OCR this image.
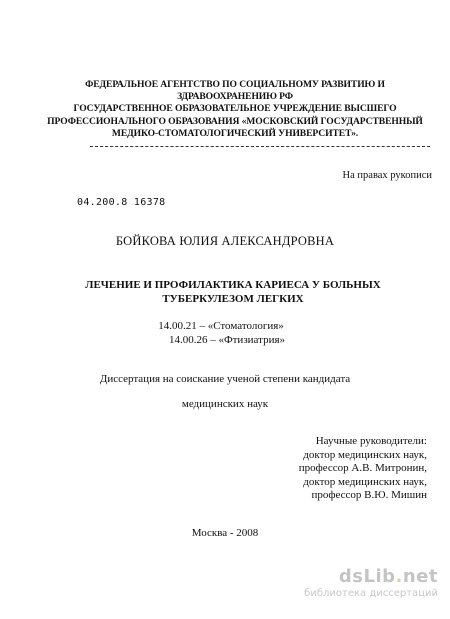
ФЕДЕРАЛЬНОЕ АГЕНТСТВО ПО СОЦИАЛЬНОМУ РАЗВИТИЮ И
ЗДРАВООХРАНЕНИЮ РФ
ГОСУДАРСТВЕННОЕ ОБРАЗОВАТЕЛЬНОЕ УЧРЕЖДЕНИЕ ВЫСШЕГО
ПРОФЕССИОНАЛЬНОГО ОБРАЗОВАНИЯ «МОСКОВСКИЙ ГОСУДАРСТВЕННЫЙ
МЕДИКО-СТОМАТОЛОГИЧЕСКИЙ УНИВЕРСИТЕТ».
На правах рукописи
04.200.8 16378
БОЙКОВА ЮЛИЯ АЛЕКСАНДРОВНА
ЛЕЧЕНИЕ И ПРОФИЛАКТИКА КАРИЕСА У БОЛЬНЫХ
ТУБЕРКУЛЕЗОМ ЛЕГКИХ
14.00.21 – «Стоматология»
14.00.26 – «Фтизиатрия»
Диссертация на соискание ученой степени кандидата
медицинских наук
Научные руководители:
доктор медицинских наук,
профессор А.В. Митронин,
доктор медицинских наук,
профессор В.Ю. Мишин
Москва - 2008
dsLib.net
библиотека диссертаций
